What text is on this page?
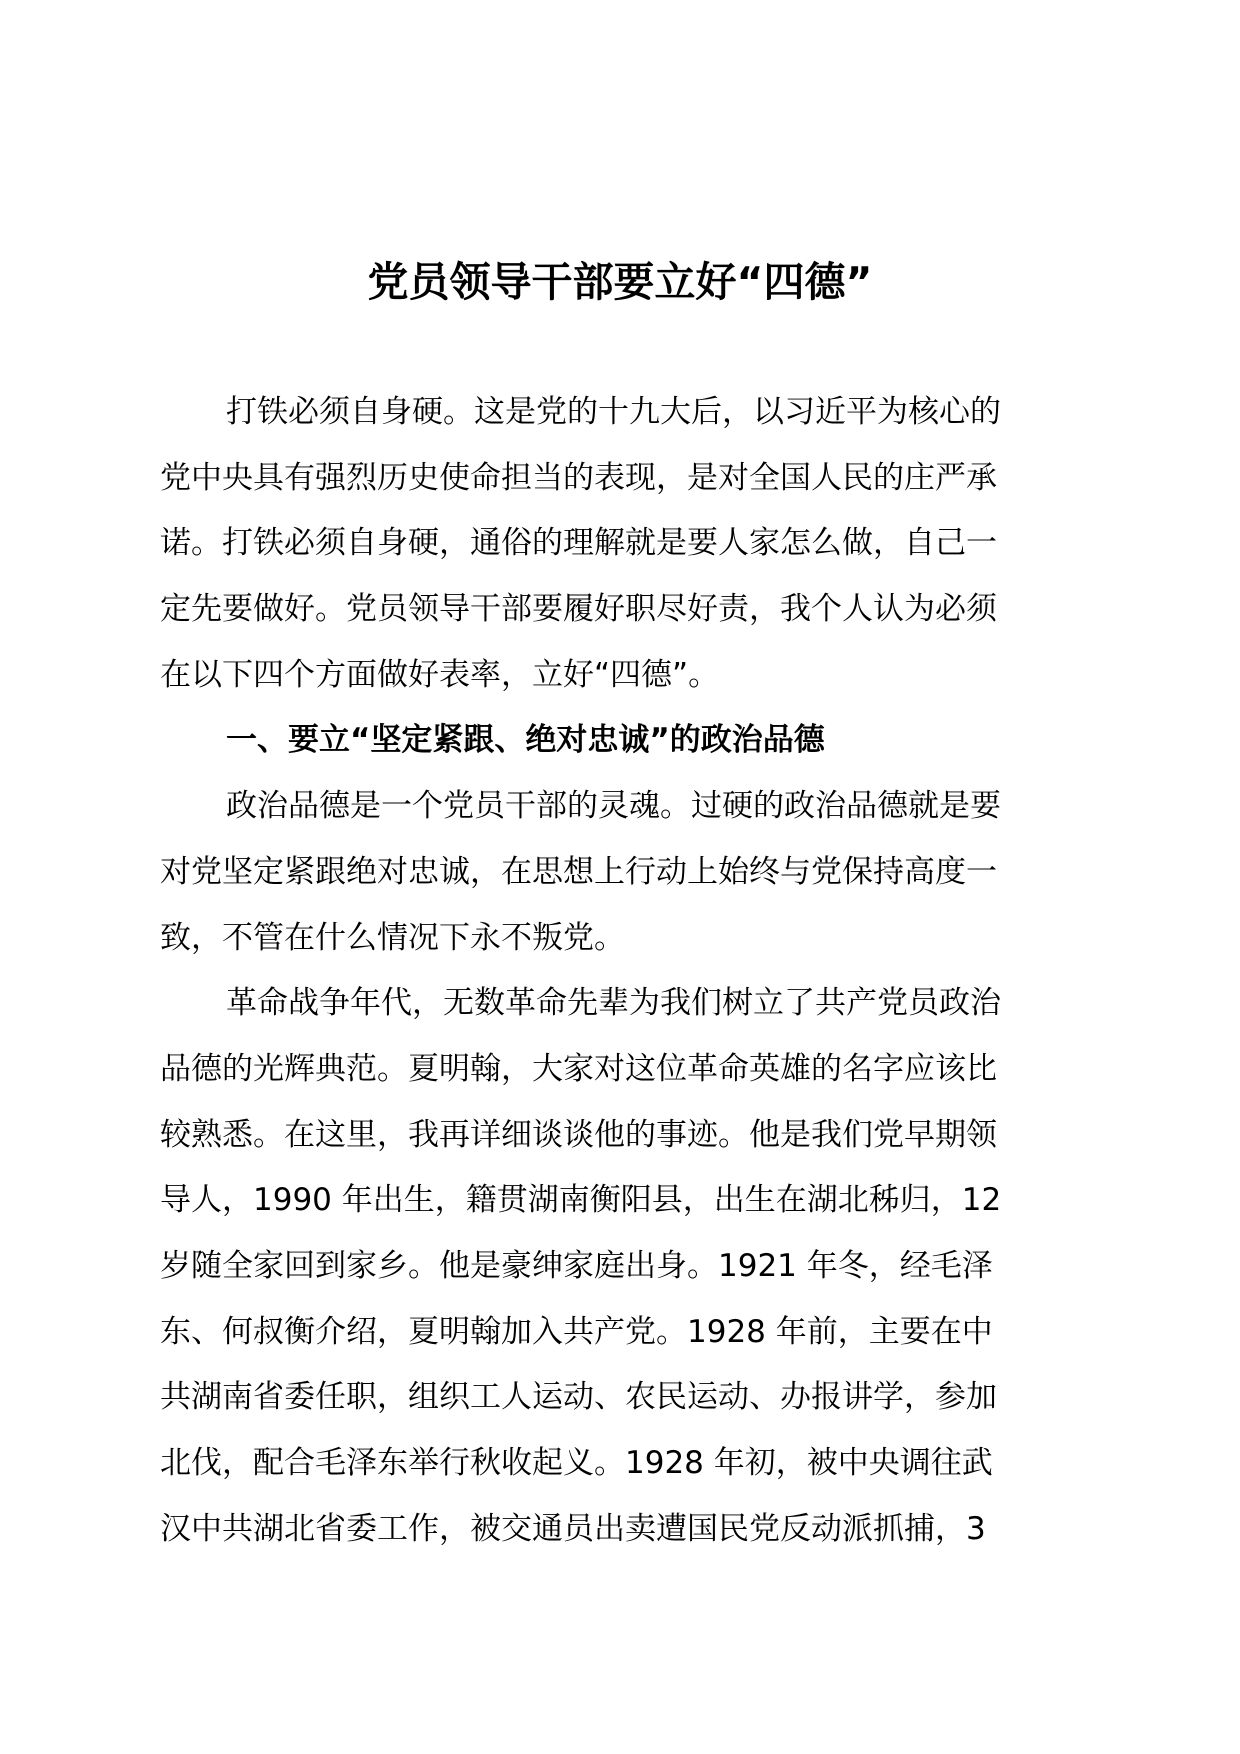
党员领导干部要立好“四德”
打铁必须自身硬。这是党的十九大后，以习近平为核心的
党中央具有强烈历史使命担当的表现，是对全国人民的庄严承
诺。打铁必须自身硬，通俗的理解就是要人家怎么做，自己一
定先要做好。党员领导干部要履好职尽好责，我个人认为必须
在以下四个方面做好表率，立好“四德”。
一、要立“坚定紧跟、绝对忠诚”的政治品德
政治品德是一个党员干部的灵魂。过硬的政治品德就是要
对党坚定紧跟绝对忠诚，在思想上行动上始终与党保持高度一
致，不管在什么情况下永不叛党。
革命战争年代，无数革命先辈为我们树立了共产党员政治
品德的光辉典范。夏明翰，大家对这位革命英雄的名字应该比
较熟悉。在这里，我再详细谈谈他的事迹。他是我们党早期领
导人，1990 年出生，籍贯湖南衡阳县，出生在湖北秭归，12
岁随全家回到家乡。他是豪绅家庭出身。1921 年冬，经毛泽
东、何叔衡介绍，夏明翰加入共产党。1928 年前，主要在中
共湖南省委任职，组织工人运动、农民运动、办报讲学，参加
北伐，配合毛泽东举行秋收起义。1928 年初，被中央调往武
汉中共湖北省委工作，被交通员出卖遭国民党反动派抓捕，3
